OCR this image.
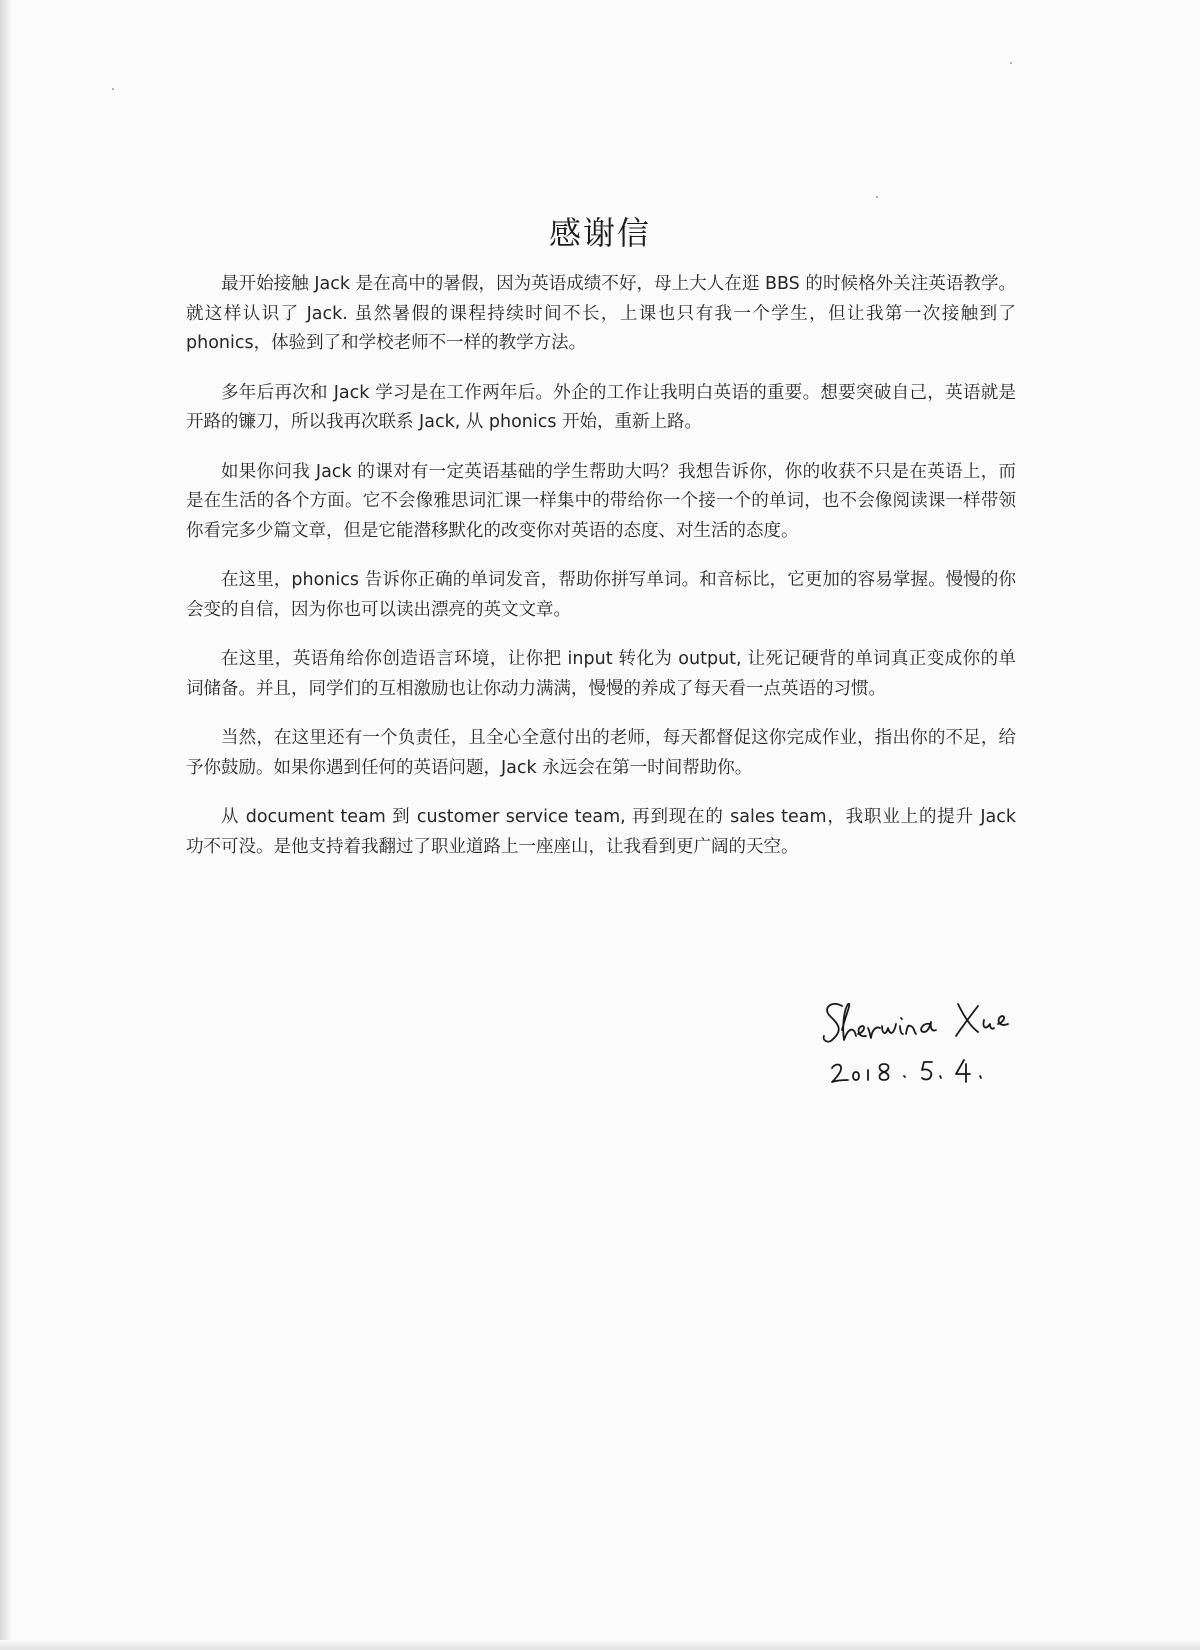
感谢信

最开始接触 Jack 是在高中的暑假，因为英语成绩不好，母上大人在逛 BBS 的时候格外关注英语教学。就这样认识了 Jack. 虽然暑假的课程持续时间不长，上课也只有我一个学生，但让我第一次接触到了 phonics，体验到了和学校老师不一样的教学方法。

多年后再次和 Jack 学习是在工作两年后。外企的工作让我明白英语的重要。想要突破自己，英语就是开路的镰刀，所以我再次联系 Jack, 从 phonics 开始，重新上路。

如果你问我 Jack 的课对有一定英语基础的学生帮助大吗？我想告诉你，你的收获不只是在英语上，而是在生活的各个方面。它不会像雅思词汇课一样集中的带给你一个接一个的单词，也不会像阅读课一样带领你看完多少篇文章，但是它能潜移默化的改变你对英语的态度、对生活的态度。

在这里，phonics 告诉你正确的单词发音，帮助你拼写单词。和音标比，它更加的容易掌握。慢慢的你会变的自信，因为你也可以读出漂亮的英文文章。

在这里，英语角给你创造语言环境，让你把 input 转化为 output, 让死记硬背的单词真正变成你的单词储备。并且，同学们的互相激励也让你动力满满，慢慢的养成了每天看一点英语的习惯。

当然，在这里还有一个负责任，且全心全意付出的老师，每天都督促这你完成作业，指出你的不足，给予你鼓励。如果你遇到任何的英语问题，Jack 永远会在第一时间帮助你。

从 document team 到 customer service team, 再到现在的 sales team，我职业上的提升 Jack 功不可没。是他支持着我翻过了职业道路上一座座山，让我看到更广阔的天空。
